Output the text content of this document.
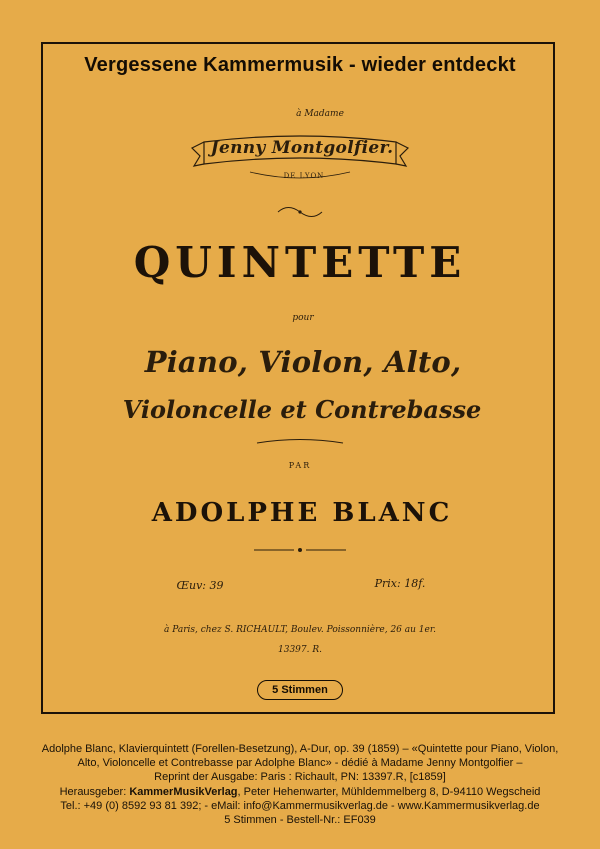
Vergessene Kammermusik - wieder entdeckt
à Madame
Jenny Montgolfier.
DE LYON
QUINTETTE
pour
Piano, Violon, Alto,
Violoncelle et Contrebasse
PAR
ADOLPHE BLANC
Œuv: 39	Prix: 18f.
à Paris, chez S. RICHAULT, Boulev. Poissonnière, 26 au 1er.
13397. R.
5 Stimmen

Adolphe Blanc, Klavierquintett (Forellen-Besetzung), A-Dur, op. 39 (1859) – «Quintette pour Piano, Violon,

Alto, Violoncelle et Contrebasse par Adolphe Blanc» - dédié à Madame Jenny Montgolfier –

Reprint der Ausgabe: Paris : Richault, PN: 13397.R, [c1859]

Herausgeber: KammerMusikVerlag, Peter Hehenwarter, Mühldemmelberg 8, D-94110 Wegscheid

Tel.: +49 (0) 8592 93 81 392; - eMail: info@Kammermusikverlag.de - www.Kammermusikverlag.de

5 Stimmen - Bestell-Nr.: EF039
